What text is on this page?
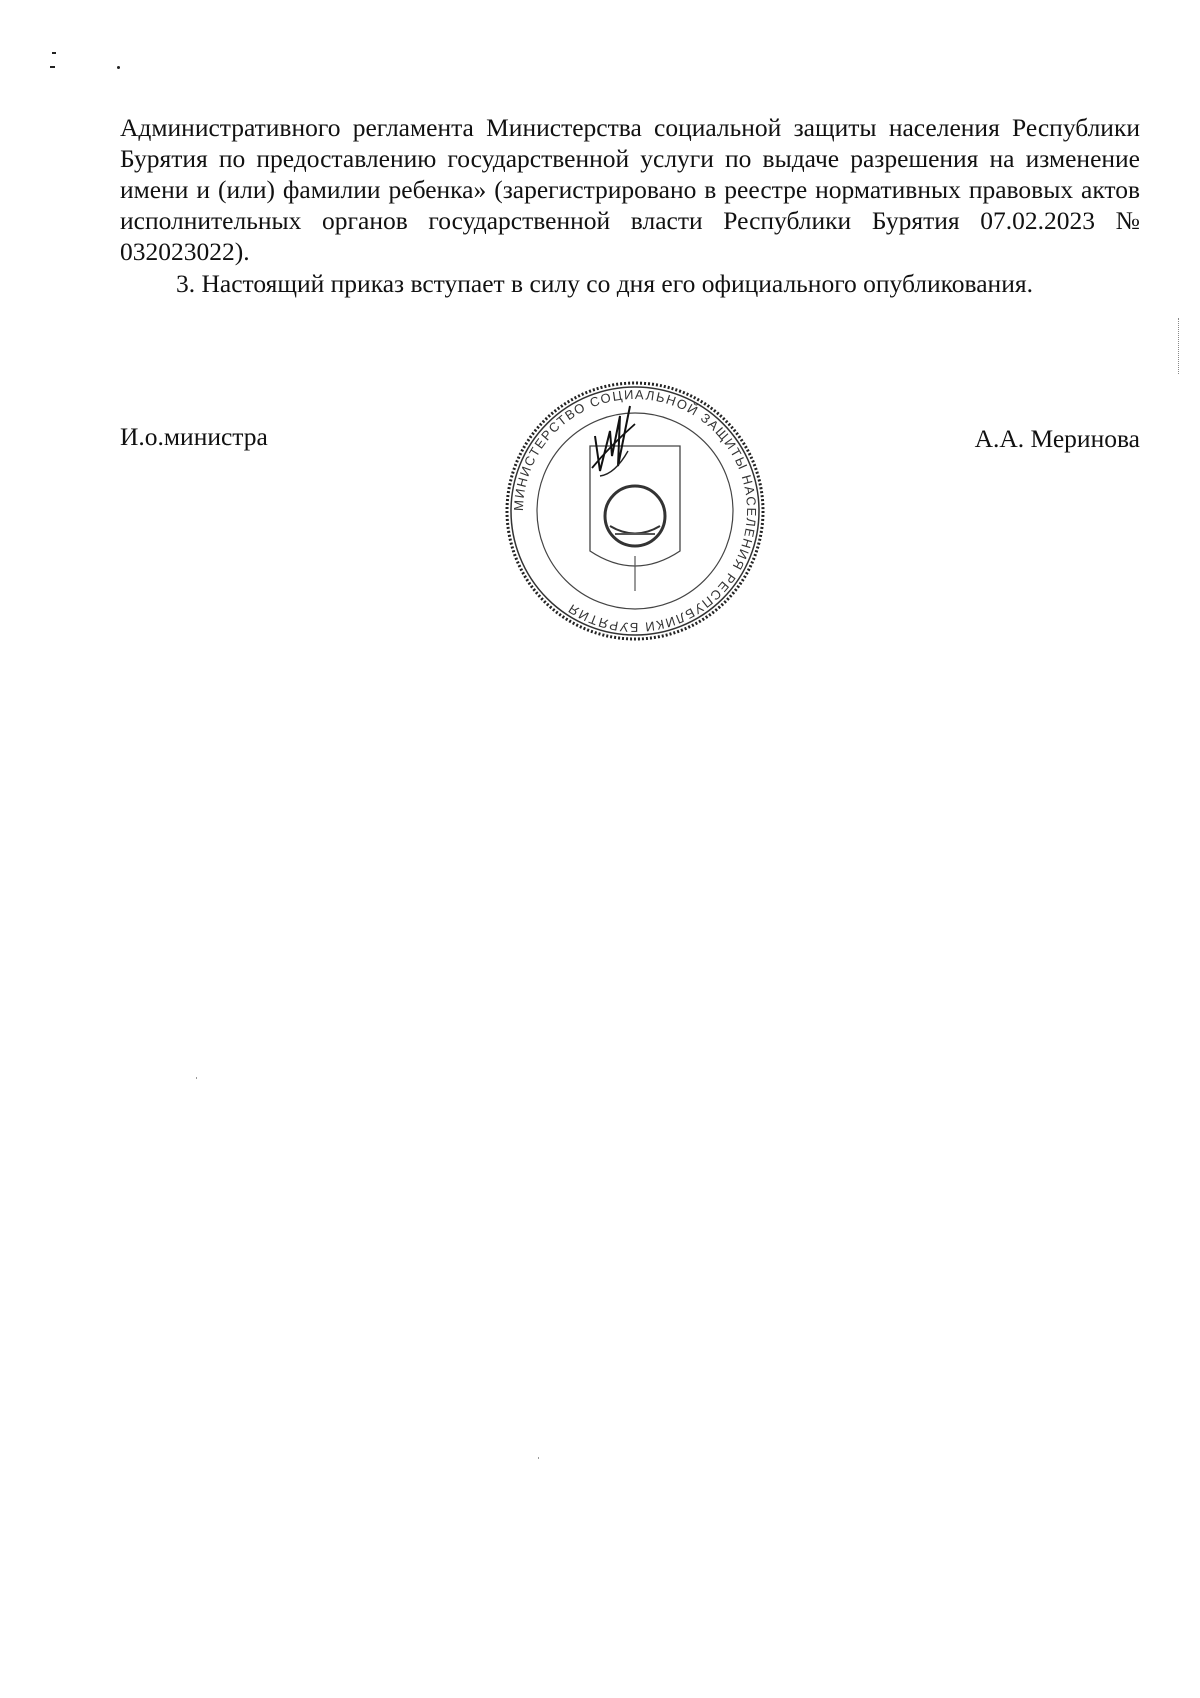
Административного регламента Министерства социальной защиты населения Республики Бурятия по предоставлению государственной услуги по выдаче разрешения на изменение имени и (или) фамилии ребенка» (зарегистрировано в реестре нормативных правовых актов исполнительных органов государственной власти Республики Бурятия 07.02.2023 № 032023022).

3. Настоящий приказ вступает в силу со дня его официального опубликования.

И.о.министра	А.А. Меринова

МИНИСТЕРСТВО СОЦИАЛЬНОЙ ЗАЩИТЫ НАСЕЛЕНИЯ РЕСПУБЛИКИ БУРЯТИЯ
